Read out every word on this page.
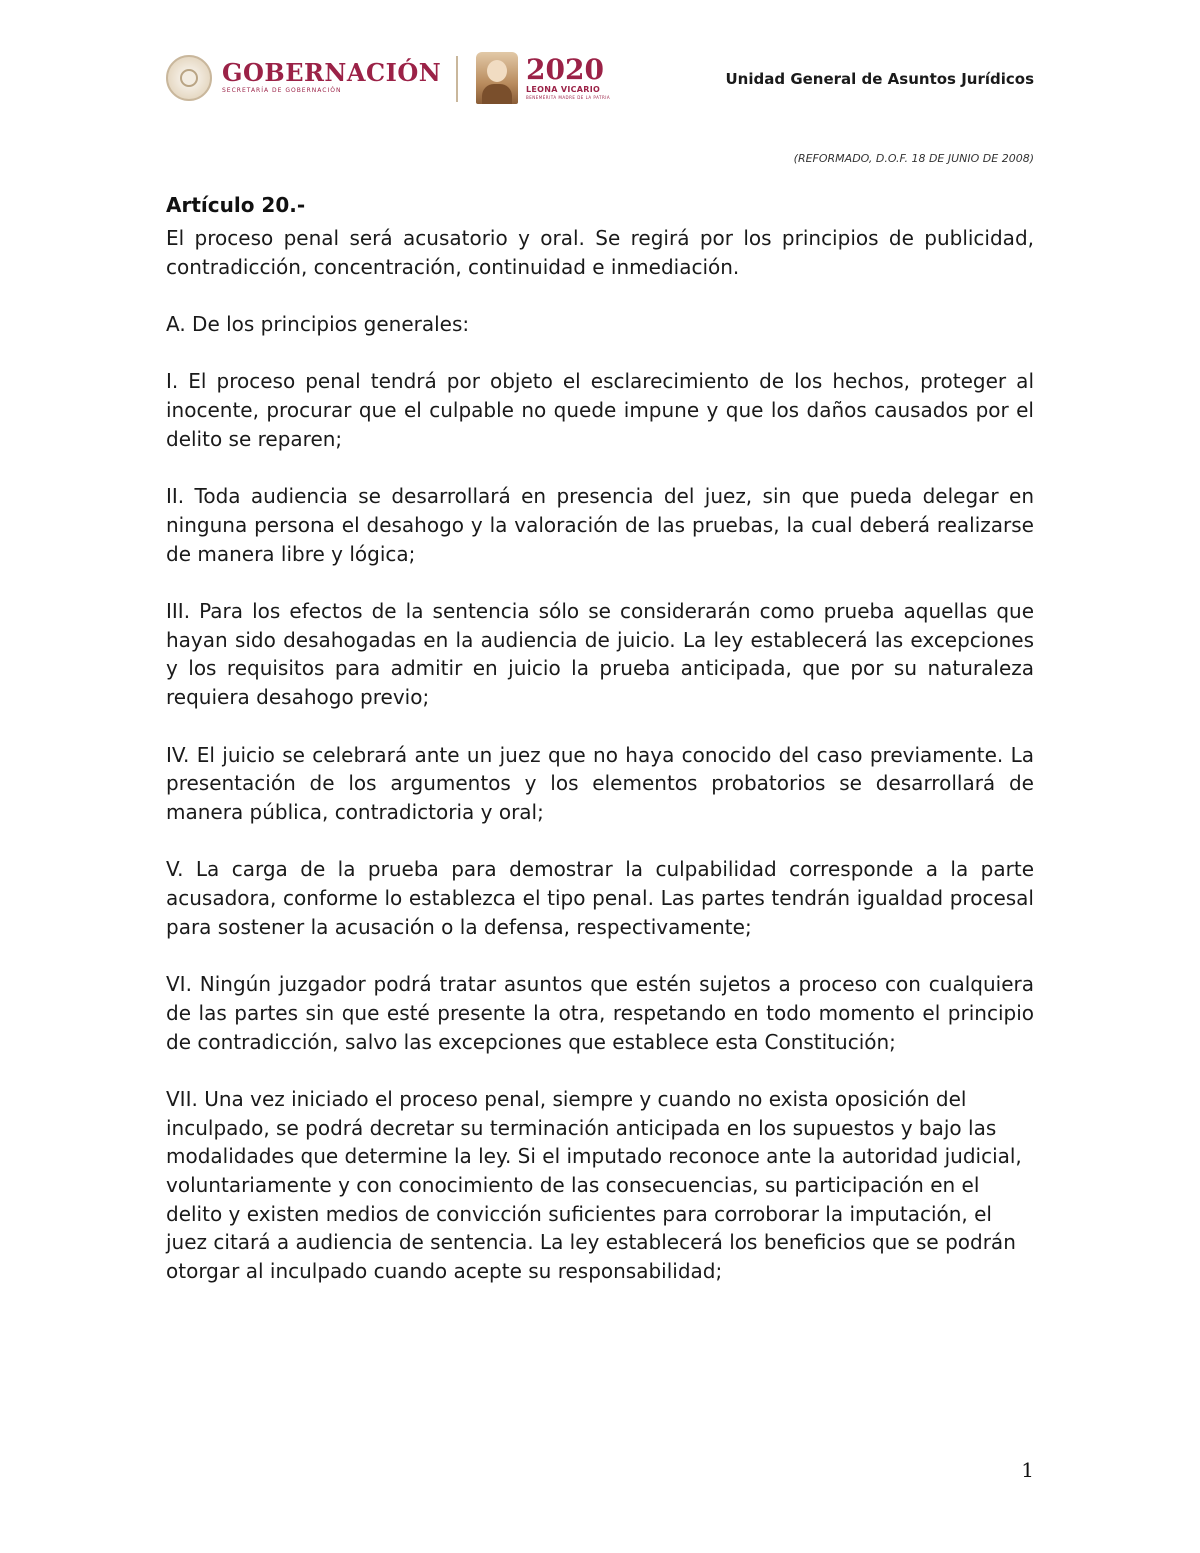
GOBERNACIÓN
SECRETARÍA DE GOBERNACIÓN
2020
LEONA VICARIO
BENEMÉRITA MADRE DE LA PATRIA
Unidad General de Asuntos Jurídicos
(REFORMADO, D.O.F. 18 DE JUNIO DE 2008)
Artículo 20.-

El proceso penal será acusatorio y oral. Se regirá por los principios de publicidad, contradicción, concentración, continuidad e inmediación.

A. De los principios generales:

I. El proceso penal tendrá por objeto el esclarecimiento de los hechos, proteger al inocente, procurar que el culpable no quede impune y que los daños causados por el delito se reparen;

II. Toda audiencia se desarrollará en presencia del juez, sin que pueda delegar en ninguna persona el desahogo y la valoración de las pruebas, la cual deberá realizarse de manera libre y lógica;

III. Para los efectos de la sentencia sólo se considerarán como prueba aquellas que hayan sido desahogadas en la audiencia de juicio. La ley establecerá las excepciones y los requisitos para admitir en juicio la prueba anticipada, que por su naturaleza requiera desahogo previo;

IV. El juicio se celebrará ante un juez que no haya conocido del caso previamente. La presentación de los argumentos y los elementos probatorios se desarrollará de manera pública, contradictoria y oral;

V. La carga de la prueba para demostrar la culpabilidad corresponde a la parte acusadora, conforme lo establezca el tipo penal. Las partes tendrán igualdad procesal para sostener la acusación o la defensa, respectivamente;

VI. Ningún juzgador podrá tratar asuntos que estén sujetos a proceso con cualquiera de las partes sin que esté presente la otra, respetando en todo momento el principio de contradicción, salvo las excepciones que establece esta Constitución;

VII. Una vez iniciado el proceso penal, siempre y cuando no exista oposición del inculpado, se podrá decretar su terminación anticipada en los supuestos y bajo las modalidades que determine la ley. Si el imputado reconoce ante la autoridad judicial, voluntariamente y con conocimiento de las consecuencias, su participación en el delito y existen medios de convicción suficientes para corroborar la imputación, el juez citará a audiencia de sentencia. La ley establecerá los beneficios que se podrán otorgar al inculpado cuando acepte su responsabilidad;

1
